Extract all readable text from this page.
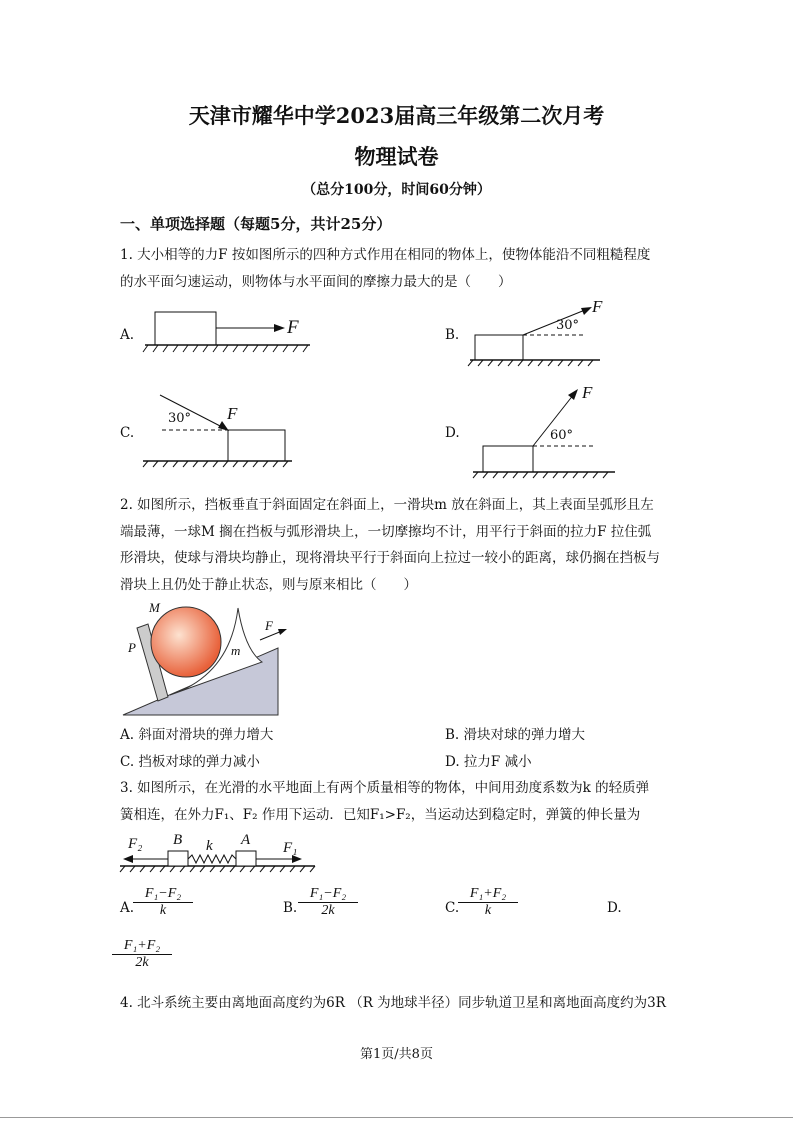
天津市耀华中学2023届高三年级第二次月考
物理试卷
（总分100分，时间60分钟）
一、单项选择题（每题5分，共计25分）
1. 大小相等的力F 按如图所示的四种方式作用在相同的物体上，使物体能沿不同粗糙程度
的水平面匀速运动，则物体与水平面间的摩擦力最大的是（　　）
A.	F	B.
F
30°
C.
30° F
D.
F
60°
2. 如图所示，挡板垂直于斜面固定在斜面上，一滑块m 放在斜面上，其上表面呈弧形且左
端最薄，一球M 搁在挡板与弧形滑块上，一切摩擦均不计，用平行于斜面的拉力F 拉住弧
形滑块，使球与滑块均静止，现将滑块平行于斜面向上拉过一较小的距离，球仍搁在挡板与
滑块上且仍处于静止状态，则与原来相比（　　）
M
P	m
F
A. 斜面对滑块的弹力增大	B. 滑块对球的弹力增大
C. 挡板对球的弹力减小	D. 拉力F 减小
3. 如图所示，在光滑的水平地面上有两个质量相等的物体，中间用劲度系数为k 的轻质弹
簧相连，在外力F₁、F₂ 作用下运动．已知F₁>F₂，当运动达到稳定时，弹簧的伸长量为
F₂ B k A F₁
A.
$\frac{\text{F₁−F₂}}{k}$	B. $\frac{\text{F₁−F₂}}{2k}$	C.
$\frac{\text{F₁+F₂}}{k}$	D.
$\frac{\text{F₁+F₂}}{2k}$
4. 北斗系统主要由离地面高度约为6R （R 为地球半径）同步轨道卫星和离地面高度约为3R
第1页/共8页
